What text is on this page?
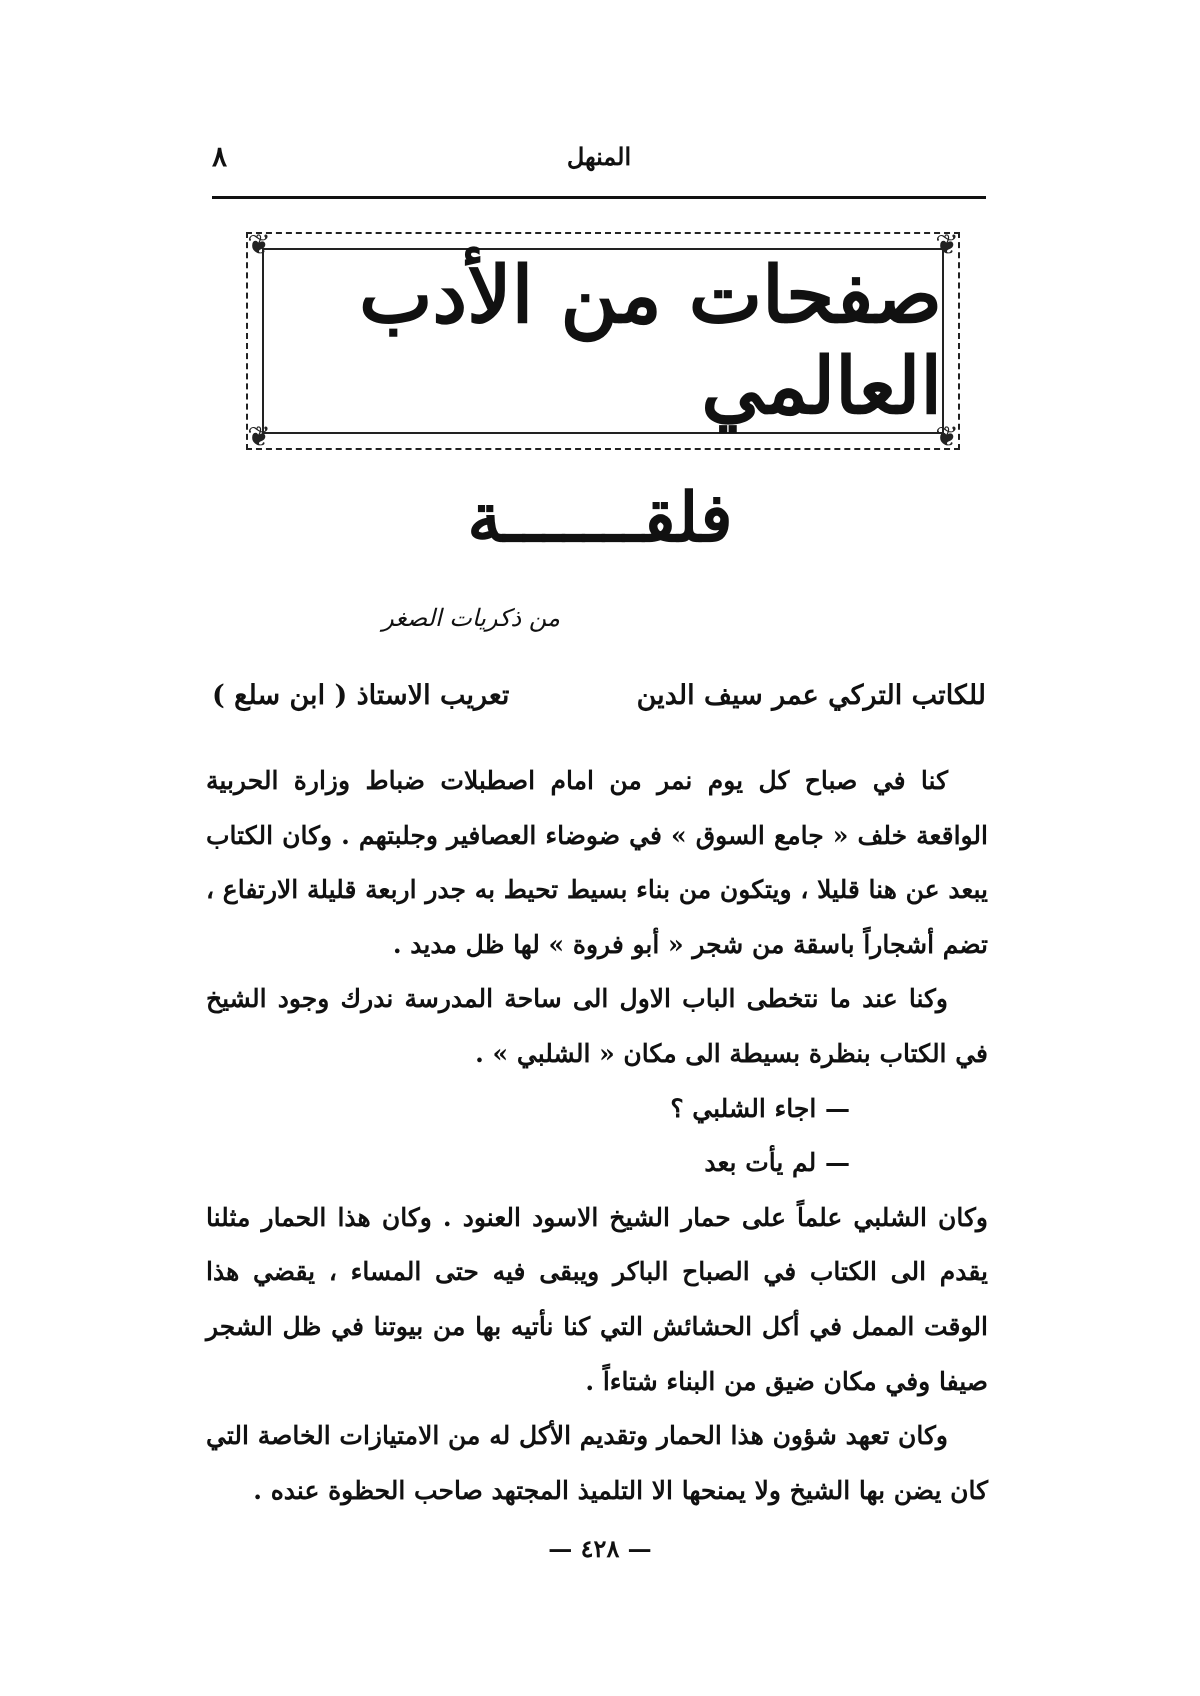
٨	المنهل
❦	❦
❦	❦
صفحات من الأدب العالمي
فلقـــــــة
من ذكريات الصغر
للكاتب التركي عمر سيف الدين
تعريب الاستاذ ( ابن سلع )

كنا في صباح كل يوم نمر من امام اصطبلات ضباط وزارة الحربية الواقعة خلف « جامع السوق » في ضوضاء العصافير وجلبتهم . وكان الكتاب يبعد عن هنا قليلا ، ويتكون من بناء بسيط تحيط به جدر اربعة قليلة الارتفاع ، تضم أشجاراً باسقة من شجر « أبو فروة » لها ظل مديد .

وكنا عند ما نتخطى الباب الاول الى ساحة المدرسة ندرك وجود الشيخ في الكتاب بنظرة بسيطة الى مكان « الشلبي » .

— اجاء الشلبي ؟

— لم يأت بعد

وكان الشلبي علماً على حمار الشيخ الاسود العنود . وكان هذا الحمار مثلنا يقدم الى الكتاب في الصباح الباكر ويبقى فيه حتى المساء ، يقضي هذا الوقت الممل في أكل الحشائش التي كنا نأتيه بها من بيوتنا في ظل الشجر صيفا وفي مكان ضيق من البناء شتاءاً .

وكان تعهد شؤون هذا الحمار وتقديم الأكل له من الامتيازات الخاصة التي كان يضن بها الشيخ ولا يمنحها الا التلميذ المجتهد صاحب الحظوة عنده .

— ٤٢٨ —
